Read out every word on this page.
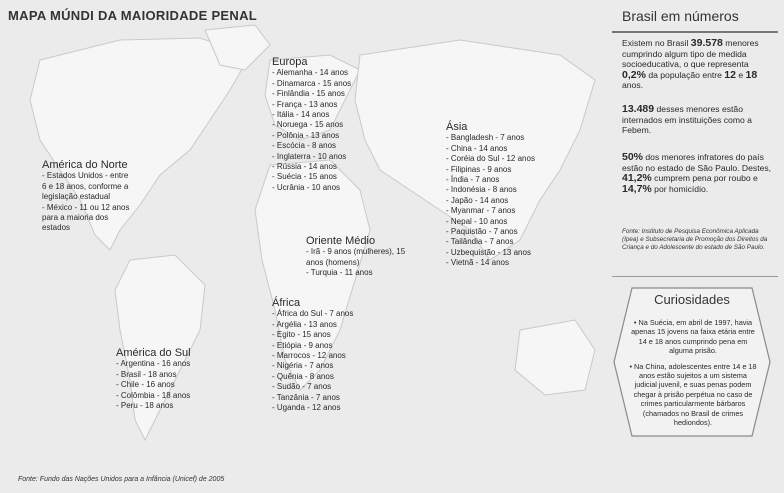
MAPA MÚNDI DA MAIORIDADE PENAL
América do Norte
- Estados Unidos - entre 6 e 18 anos, conforme a legislação estadual
- México - 11 ou 12 anos para a maioria dos estados
Europa
- Alemanha - 14 anos
- Dinamarca - 15 anos
- Finlândia - 15 anos
- França - 13 anos
- Itália - 14 anos
- Noruega - 15 anos
- Polônia - 13 anos
- Escócia - 8 anos
- Inglaterra - 10 anos
- Rússia - 14 anos
- Suécia - 15 anos
- Ucrânia - 10 anos
Ásia
- Bangladesh - 7 anos
- China - 14 anos
- Coréia do Sul - 12 anos
- Filipinas - 9 anos
- Índia - 7 anos
- Indonésia - 8 anos
- Japão - 14 anos
- Myanmar - 7 anos
- Nepal - 10 anos
- Paquistão - 7 anos
- Tailândia - 7 anos
- Uzbequistão - 13 anos
- Vietnã - 14 anos
Oriente Médio
- Irã - 9 anos (mulheres), 15 anos (homens)
- Turquia - 11 anos
África
- África do Sul - 7 anos
- Argélia - 13 anos
- Egito - 15 anos
- Etiópia - 9 anos
- Marrocos - 12 anos
- Nigéria - 7 anos
- Quênia - 8 anos
- Sudão - 7 anos
- Tanzânia - 7 anos
- Uganda - 12 anos
América do Sul
- Argentina - 16 anos
- Brasil - 18 anos
- Chile - 16 anos
- Colômbia - 18 anos
- Peru - 18 anos
Fonte: Fundo das Nações Unidos para a Infância (Unicef) de 2005
Brasil em números
Existem no Brasil 39.578 menores cumprindo algum tipo de medida socioeducativa, o que representa 0,2% da população entre 12 e 18 anos.
13.489 desses menores estão internados em instituições como a Febem.
50% dos menores infratores do país estão no estado de São Paulo. Destes, 41,2% cumprem pena por roubo e 14,7% por homicídio.
Fonte: Instituto de Pesquisa Econômica Aplicada (Ipea) e Subsecretaria de Promoção dos Direitos da Criança e do Adolescente do estado de São Paulo.
Curiosidades

• Na Suécia, em abril de 1997, havia apenas 15 jovens na faixa etária entre 14 e 18 anos cumprindo pena em alguma prisão.

• Na China, adolescentes entre 14 e 18 anos estão sujeitos a um sistema judicial juvenil, e suas penas podem chegar à prisão perpétua no caso de crimes particularmente bárbaros (chamados no Brasil de crimes hediondos).
